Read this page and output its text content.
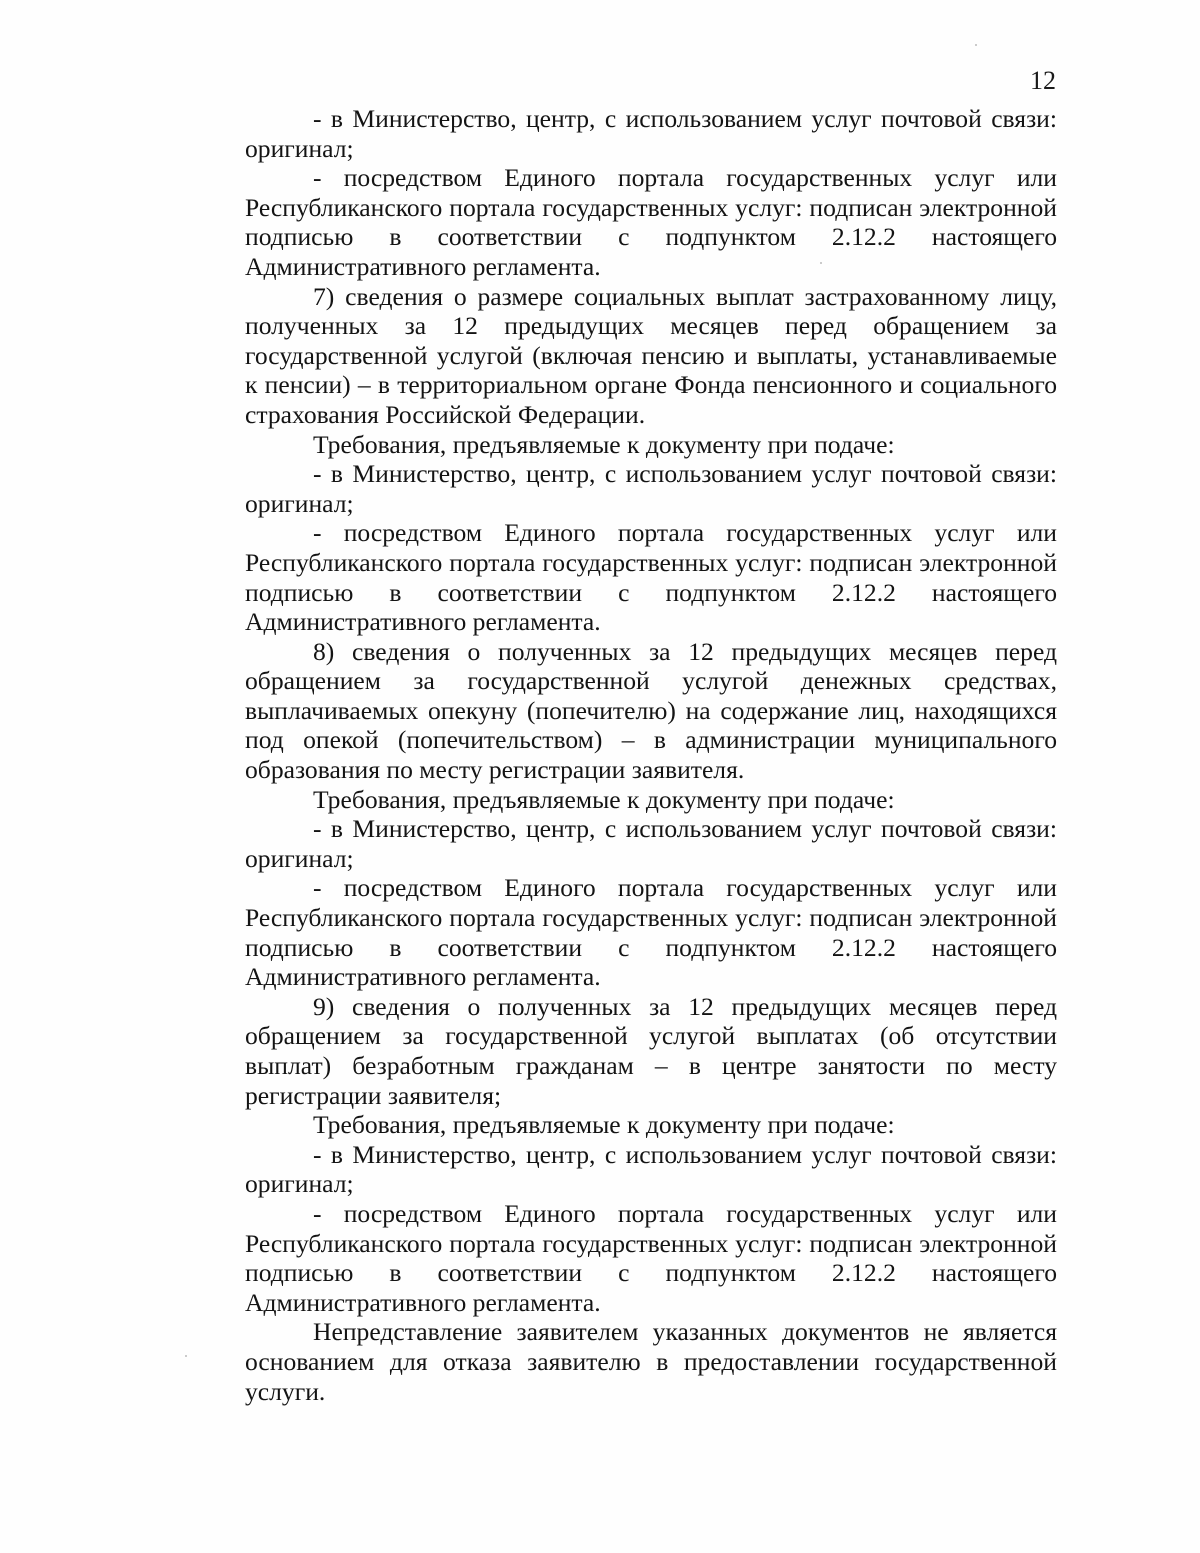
12

- в Министерство, центр, с использованием услуг почтовой связи: оригинал;

- посредством Единого портала государственных услуг или Республиканского портала государственных услуг: подписан электронной подписью в соответствии с подпунктом 2.12.2 настоящего Административного регламента.

7) сведения о размере социальных выплат застрахованному лицу, полученных за 12 предыдущих месяцев перед обращением за государственной услугой (включая пенсию и выплаты, устанавливаемые к пенсии) – в территориальном органе Фонда пенсионного и социального страхования Российской Федерации.

Требования, предъявляемые к документу при подаче:

- в Министерство, центр, с использованием услуг почтовой связи: оригинал;

- посредством Единого портала государственных услуг или Республиканского портала государственных услуг: подписан электронной подписью в соответствии с подпунктом 2.12.2 настоящего Административного регламента.

8) сведения о полученных за 12 предыдущих месяцев перед обращением за государственной услугой денежных средствах, выплачиваемых опекуну (попечителю) на содержание лиц, находящихся под опекой (попечительством) – в администрации муниципального образования по месту регистрации заявителя.

Требования, предъявляемые к документу при подаче:

- в Министерство, центр, с использованием услуг почтовой связи: оригинал;

- посредством Единого портала государственных услуг или Республиканского портала государственных услуг: подписан электронной подписью в соответствии с подпунктом 2.12.2 настоящего Административного регламента.

9) сведения о полученных за 12 предыдущих месяцев перед обращением за государственной услугой выплатах (об отсутствии выплат) безработным гражданам – в центре занятости по месту регистрации заявителя;

Требования, предъявляемые к документу при подаче:

- в Министерство, центр, с использованием услуг почтовой связи: оригинал;

- посредством Единого портала государственных услуг или Республиканского портала государственных услуг: подписан электронной подписью в соответствии с подпунктом 2.12.2 настоящего Административного регламента.

Непредставление заявителем указанных документов не является основанием для отказа заявителю в предоставлении государственной услуги.
